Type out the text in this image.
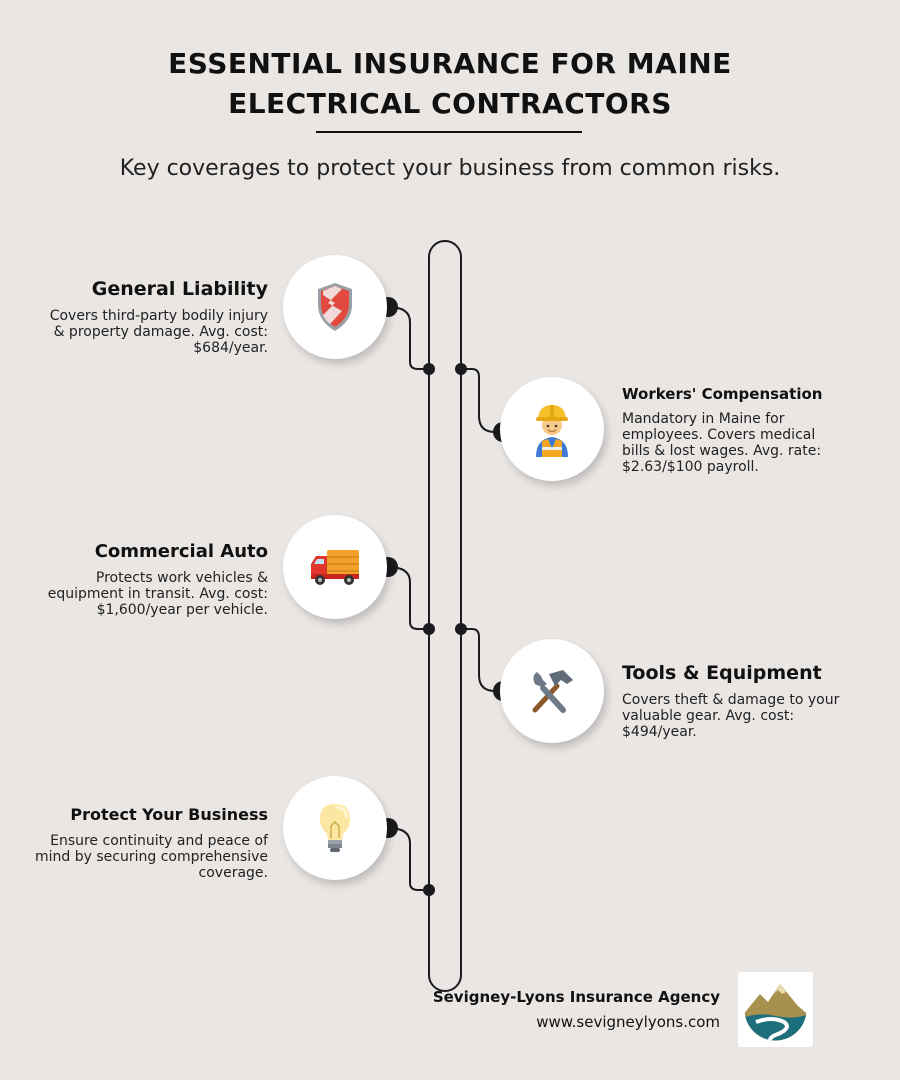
ESSENTIAL INSURANCE FOR MAINE
ELECTRICAL CONTRACTORS
Key coverages to protect your business from common risks.
General Liability

Covers third-party bodily injury & property damage. Avg. cost: $684/year.

Workers' Compensation

Mandatory in Maine for employees. Covers medical bills & lost wages. Avg. rate: $2.63/$100 payroll.

Commercial Auto

Protects work vehicles & equipment in transit. Avg. cost: $1,600/year per vehicle.

Tools & Equipment

Covers theft & damage to your valuable gear. Avg. cost: $494/year.

Protect Your Business

Ensure continuity and peace of mind by securing comprehensive coverage.

Sevigney-Lyons Insurance Agency
www.sevigneylyons.com
